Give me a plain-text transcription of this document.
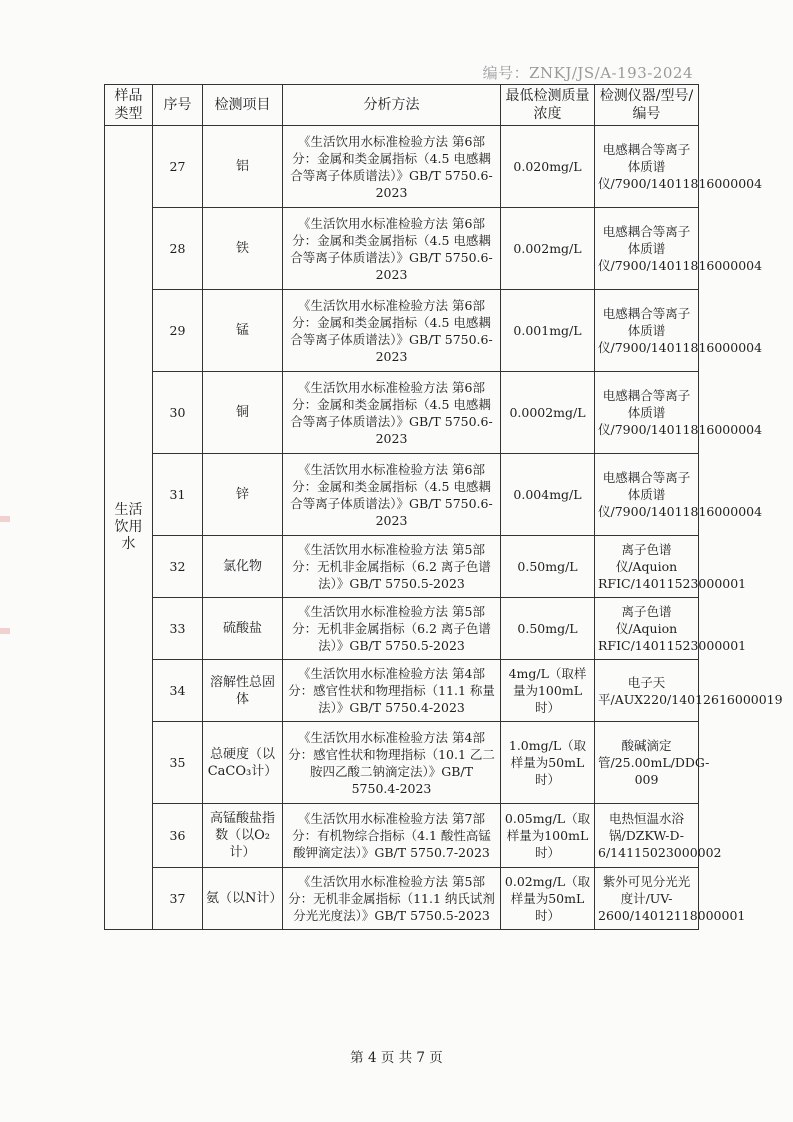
编号：ZNKJ/JS/A-193-2024
样品类型	序号	检测项目	分析方法	最低检测质量浓度	检测仪器/型号/编号
生活饮用水	27	铝	《生活饮用水标准检验方法 第6部分：金属和类金属指标（4.5 电感耦合等离子体质谱法）》GB/T 5750.6-2023	0.020mg/L	电感耦合等离子体质谱仪/7900/14011816000004
	28	铁	《生活饮用水标准检验方法 第6部分：金属和类金属指标（4.5 电感耦合等离子体质谱法）》GB/T 5750.6-2023	0.002mg/L	电感耦合等离子体质谱仪/7900/14011816000004
	29	锰	《生活饮用水标准检验方法 第6部分：金属和类金属指标（4.5 电感耦合等离子体质谱法）》GB/T 5750.6-2023	0.001mg/L	电感耦合等离子体质谱仪/7900/14011816000004
	30	铜	《生活饮用水标准检验方法 第6部分：金属和类金属指标（4.5 电感耦合等离子体质谱法）》GB/T 5750.6-2023	0.0002mg/L	电感耦合等离子体质谱仪/7900/14011816000004
	31	锌	《生活饮用水标准检验方法 第6部分：金属和类金属指标（4.5 电感耦合等离子体质谱法）》GB/T 5750.6-2023	0.004mg/L	电感耦合等离子体质谱仪/7900/14011816000004
	32	氯化物	《生活饮用水标准检验方法 第5部分：无机非金属指标（6.2 离子色谱法）》GB/T 5750.5-2023	0.50mg/L	离子色谱仪/Aquion RFIC/14011523000001
	33	硫酸盐	《生活饮用水标准检验方法 第5部分：无机非金属指标（6.2 离子色谱法）》GB/T 5750.5-2023	0.50mg/L	离子色谱仪/Aquion RFIC/14011523000001
	34	溶解性总固体	《生活饮用水标准检验方法 第4部分：感官性状和物理指标（11.1 称量法）》GB/T 5750.4-2023	4mg/L（取样量为100mL时）	电子天平/AUX220/14012616000019
	35	总硬度（以CaCO₃计）	《生活饮用水标准检验方法 第4部分：感官性状和物理指标（10.1 乙二胺四乙酸二钠滴定法）》GB/T 5750.4-2023	1.0mg/L（取样量为50mL时）	酸碱滴定管/25.00mL/DDG-009
	36	高锰酸盐指数（以O₂计）	《生活饮用水标准检验方法 第7部分：有机物综合指标（4.1 酸性高锰酸钾滴定法）》GB/T 5750.7-2023	0.05mg/L（取样量为100mL时）	电热恒温水浴锅/DZKW-D-6/14115023000002
	37	氨（以N计）	《生活饮用水标准检验方法 第5部分：无机非金属指标（11.1 纳氏试剂分光光度法）》GB/T 5750.5-2023	0.02mg/L（取样量为50mL时）	紫外可见分光光度计/UV-2600/14012118000001
第 4 页 共 7 页
